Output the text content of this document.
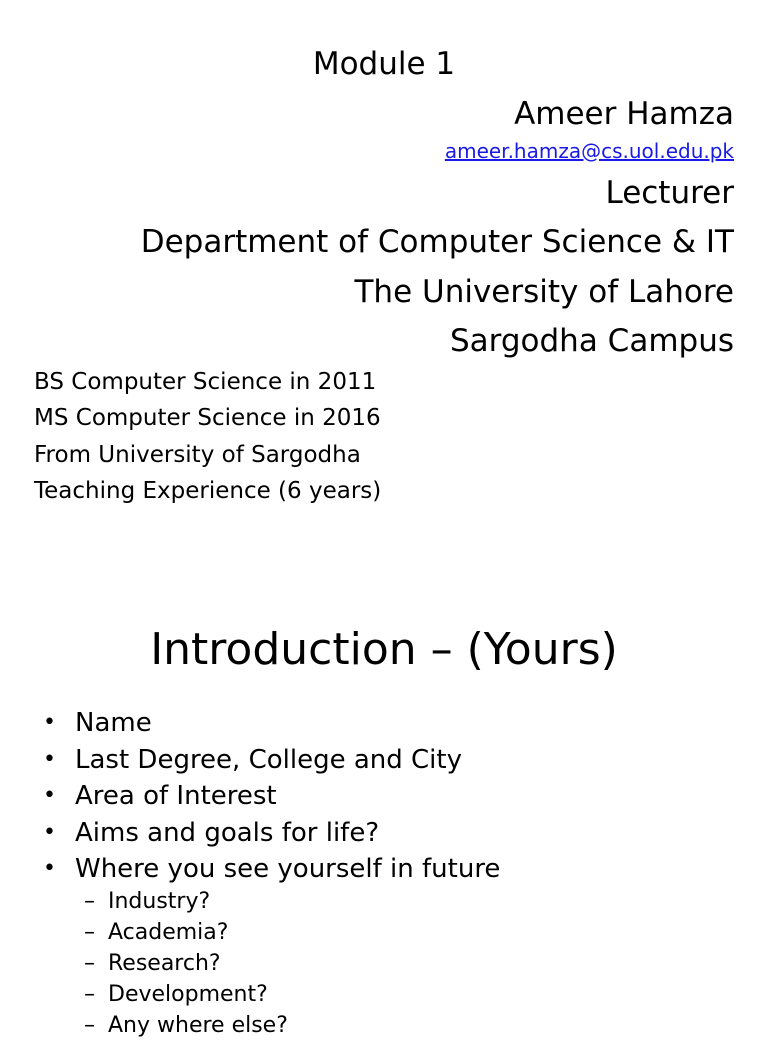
Module 1
Ameer Hamza
ameer.hamza@cs.uol.edu.pk
Lecturer
Department of Computer Science & IT
The University of Lahore
Sargodha Campus
BS Computer Science in 2011
MS Computer Science in 2016
From University of Sargodha
Teaching Experience (6 years)
Introduction – (Yours)
• Name
• Last Degree, College and City
• Area of Interest
• Aims and goals for life?
• Where you see yourself in future
– Industry?
– Academia?
– Research?
– Development?
– Any where else?
